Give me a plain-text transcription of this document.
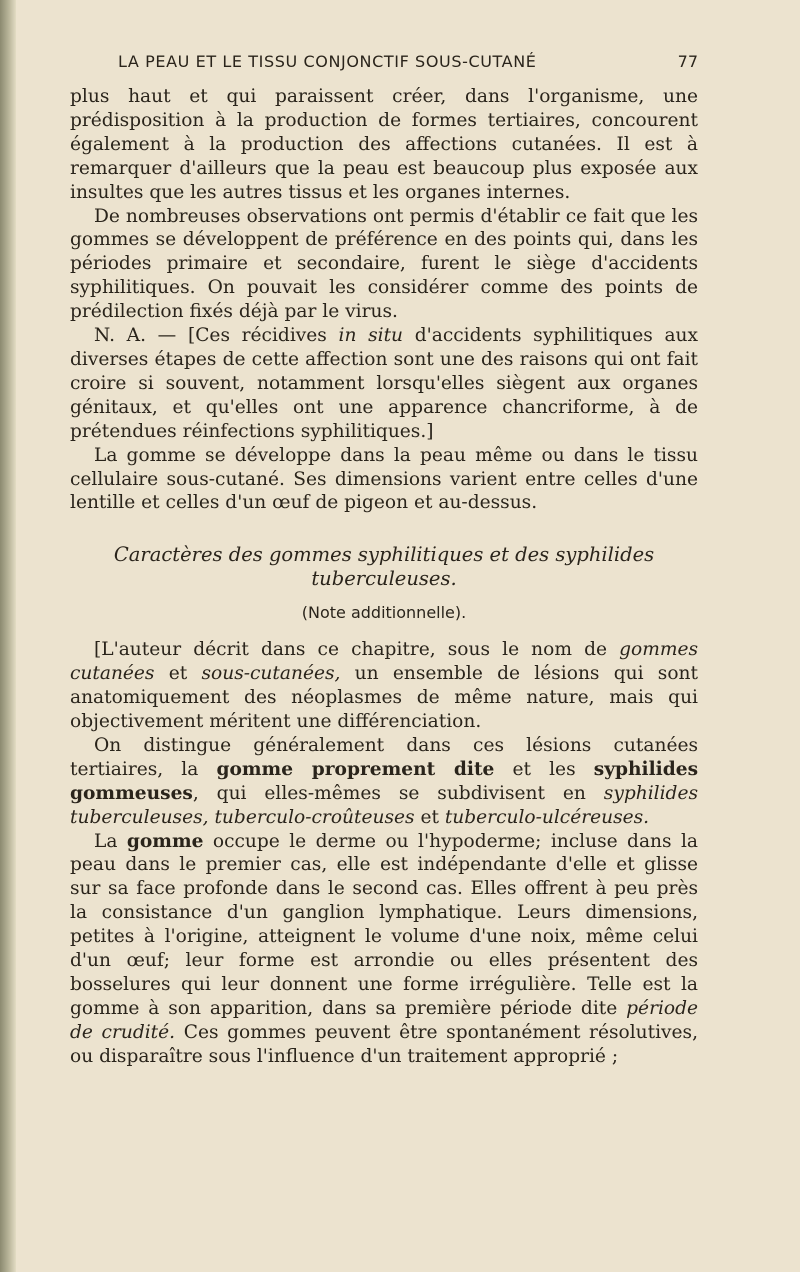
LA PEAU ET LE TISSU CONJONCTIF SOUS-CUTANÉ	77

plus haut et qui paraissent créer, dans l'organisme, une prédisposition à la production de formes tertiaires, concourent également à la production des affections cutanées. Il est à remarquer d'ailleurs que la peau est beaucoup plus exposée aux insultes que les autres tissus et les organes internes.

De nombreuses observations ont permis d'établir ce fait que les gommes se développent de préférence en des points qui, dans les périodes primaire et secondaire, furent le siège d'accidents syphilitiques. On pouvait les considérer comme des points de prédilection fixés déjà par le virus.

N. A. — [Ces récidives in situ d'accidents syphilitiques aux diverses étapes de cette affection sont une des raisons qui ont fait croire si souvent, notamment lorsqu'elles siègent aux organes génitaux, et qu'elles ont une apparence chancriforme, à de prétendues réinfections syphilitiques.]

La gomme se développe dans la peau même ou dans le tissu cellulaire sous-cutané. Ses dimensions varient entre celles d'une lentille et celles d'un œuf de pigeon et au-dessus.

Caractères des gommes syphilitiques et des syphilides
tuberculeuses.
(Note additionnelle).

[L'auteur décrit dans ce chapitre, sous le nom de gommes cutanées et sous-cutanées, un ensemble de lésions qui sont anatomiquement des néoplasmes de même nature, mais qui objectivement méritent une différenciation.

On distingue généralement dans ces lésions cutanées tertiaires, la gomme proprement dite et les syphilides gommeuses, qui elles-mêmes se subdivisent en syphilides tuberculeuses, tuberculo-croûteuses et tuberculo-ulcéreuses.

La gomme occupe le derme ou l'hypoderme; incluse dans la peau dans le premier cas, elle est indépendante d'elle et glisse sur sa face profonde dans le second cas. Elles offrent à peu près la consistance d'un ganglion lymphatique. Leurs dimensions, petites à l'origine, atteignent le volume d'une noix, même celui d'un œuf; leur forme est arrondie ou elles présentent des bosselures qui leur donnent une forme irrégulière. Telle est la gomme à son apparition, dans sa première période dite période de crudité. Ces gommes peuvent être spontanément résolutives, ou disparaître sous l'influence d'un traitement approprié ;
